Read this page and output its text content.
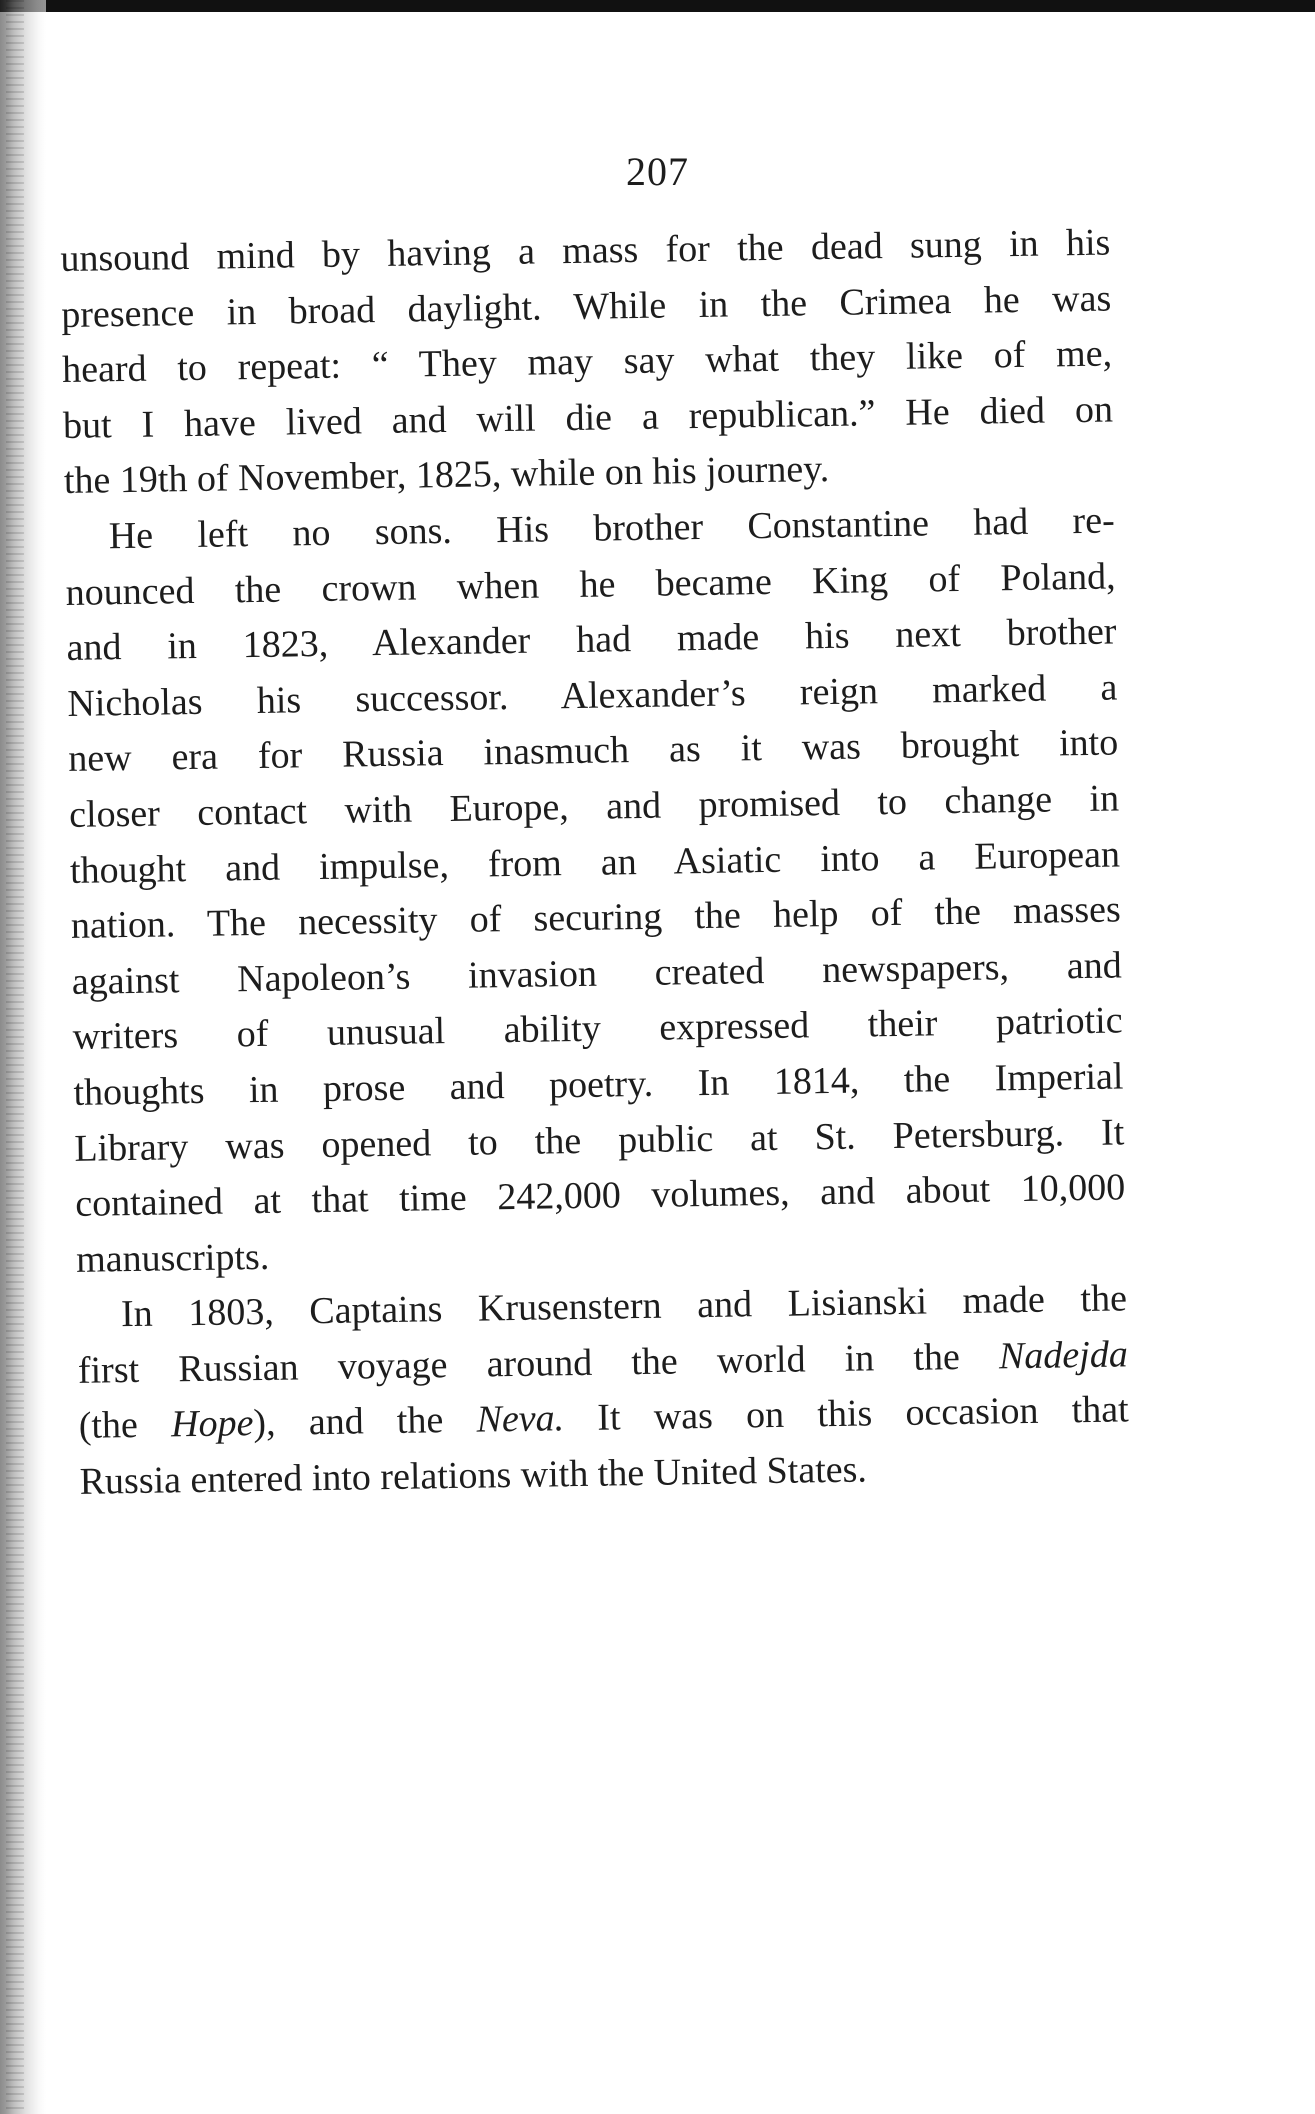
207

unsound mind by having a mass for the dead sung in his
presence in broad daylight. While in the Crimea he was
heard to repeat: “ They may say what they like of me,
but I have lived and will die a republican.” He died on
the 19th of November, 1825, while on his journey.

He left no sons. His brother Constantine had re-
nounced the crown when he became King of Poland,
and in 1823, Alexander had made his next brother
Nicholas his successor. Alexander’s reign marked a
new era for Russia inasmuch as it was brought into
closer contact with Europe, and promised to change in
thought and impulse, from an Asiatic into a European
nation. The necessity of securing the help of the masses
against Napoleon’s invasion created newspapers, and
writers of unusual ability expressed their patriotic
thoughts in prose and poetry. In 1814, the Imperial
Library was opened to the public at St. Petersburg. It
contained at that time 242,000 volumes, and about 10,000
manuscripts.

In 1803, Captains Krusenstern and Lisianski made the
first Russian voyage around the world in the Nadejda
(the Hope), and the Neva. It was on this occasion that
Russia entered into relations with the United States.
